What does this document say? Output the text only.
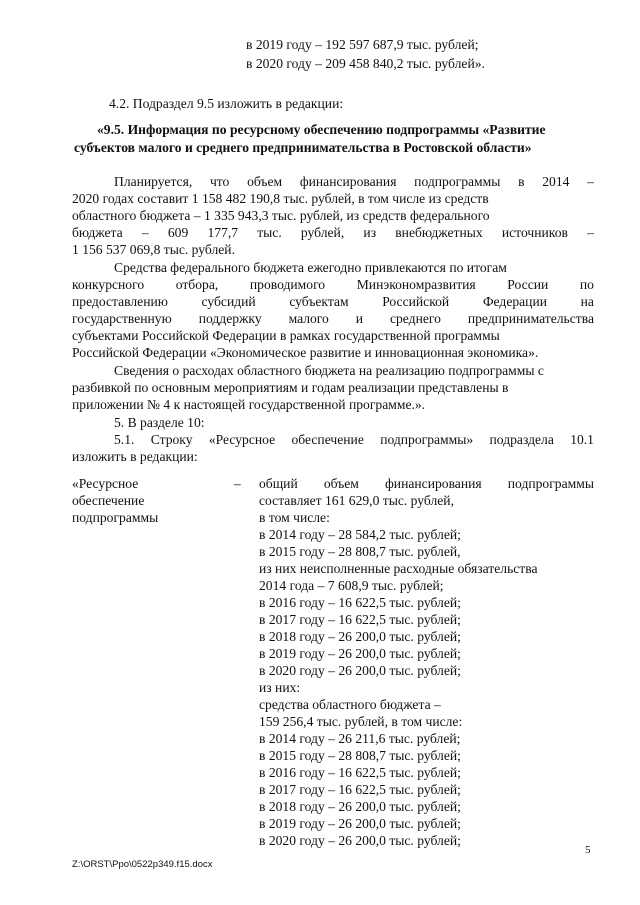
в 2019 году – 192 597 687,9 тыс. рублей;
в 2020 году – 209 458 840,2 тыс. рублей».
4.2. Подраздел 9.5 изложить в редакции:
«9.5. Информация по ресурсному обеспечению подпрограммы «Развитие
субъектов малого и среднего предпринимательства в Ростовской области»
Планируется, что объем финансирования подпрограммы в 2014 –
2020 годах составит 1 158 482 190,8 тыс. рублей, в том числе из средств
областного бюджета – 1 335 943,3 тыс. рублей, из средств федерального
бюджета – 609 177,7 тыс. рублей, из внебюджетных источников –
1 156 537 069,8 тыс. рублей.
Средства федерального бюджета ежегодно привлекаются по итогам
конкурсного отбора, проводимого Минэкономразвития России по
предоставлению субсидий субъектам Российской Федерации на
государственную поддержку малого и среднего предпринимательства
субъектами Российской Федерации в рамках государственной программы
Российской Федерации «Экономическое развитие и инновационная экономика».
Сведения о расходах областного бюджета на реализацию подпрограммы с
разбивкой по основным мероприятиям и годам реализации представлены в
приложении № 4 к настоящей государственной программе.».
5. В разделе 10:
5.1. Строку «Ресурсное обеспечение подпрограммы» подраздела 10.1
изложить в редакции:
«Ресурсное
обеспечение
подпрограммы
– общий объем финансирования подпрограммы
составляет 161 629,0 тыс. рублей,
в том числе:
в 2014 году – 28 584,2 тыс. рублей;
в 2015 году – 28 808,7 тыс. рублей,
из них неисполненные расходные обязательства
2014 года – 7 608,9 тыс. рублей;
в 2016 году – 16 622,5 тыс. рублей;
в 2017 году – 16 622,5 тыс. рублей;
в 2018 году – 26 200,0 тыс. рублей;
в 2019 году – 26 200,0 тыс. рублей;
в 2020 году – 26 200,0 тыс. рублей;
из них:
средства областного бюджета –
159 256,4 тыс. рублей, в том числе:
в 2014 году – 26 211,6 тыс. рублей;
в 2015 году – 28 808,7 тыс. рублей;
в 2016 году – 16 622,5 тыс. рублей;
в 2017 году – 16 622,5 тыс. рублей;
в 2018 году – 26 200,0 тыс. рублей;
в 2019 году – 26 200,0 тыс. рублей;
в 2020 году – 26 200,0 тыс. рублей;
5
Z:\ORST\Ppo\0522p349.f15.docx
